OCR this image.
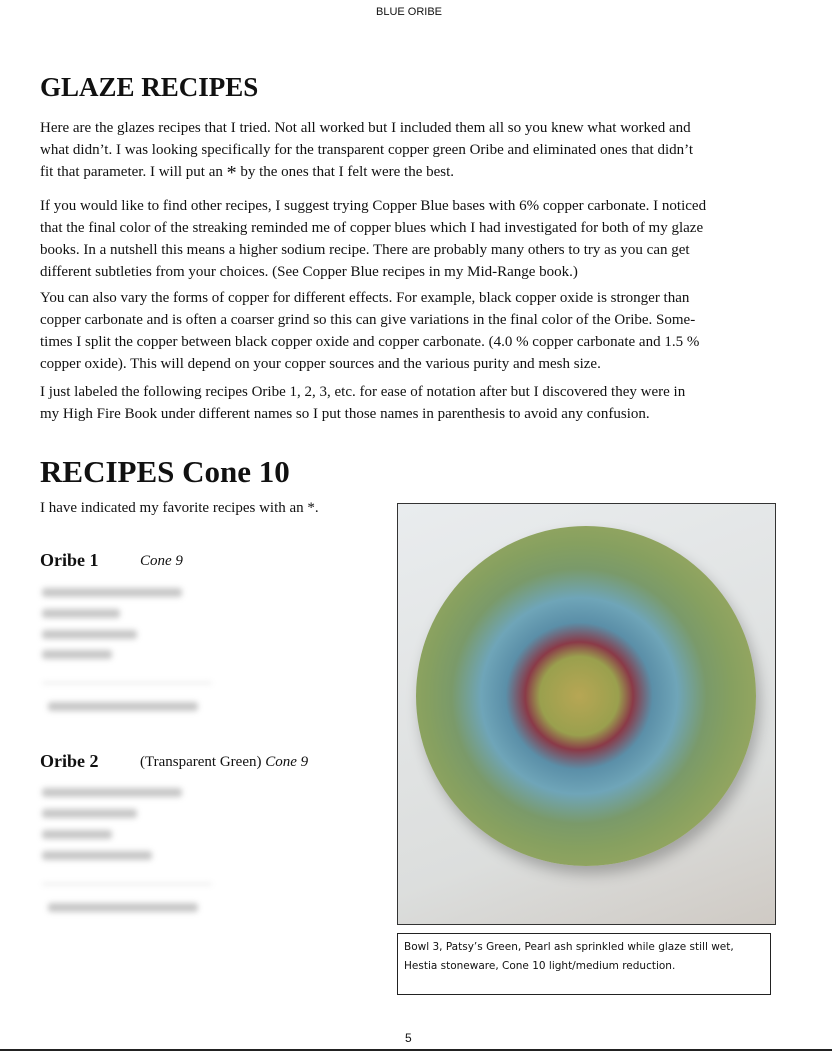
BLUE ORIBE
GLAZE RECIPES
Here are the glazes recipes that I tried. Not all worked but I included them all so you knew what worked and
what didn’t. I was looking specifically for the transparent copper green Oribe and eliminated ones that didn’t
fit that parameter. I will put an * by the ones that I felt were the best.
If you would like to find other recipes, I suggest trying Copper Blue bases with 6% copper carbonate. I noticed
that the final color of the streaking reminded me of copper blues which I had investigated for both of my glaze
books. In a nutshell this means a higher sodium recipe. There are probably many others to try as you can get
different subtleties from your choices. (See Copper Blue recipes in my Mid-Range book.)
You can also vary the forms of copper for different effects. For example, black copper oxide is stronger than
copper carbonate and is often a coarser grind so this can give variations in the final color of the Oribe. Some-
times I split the copper between black copper oxide and copper carbonate. (4.0 % copper carbonate and 1.5 %
copper oxide). This will depend on your copper sources and the various purity and mesh size.
I just labeled the following recipes Oribe 1, 2, 3, etc. for ease of notation after but I discovered they were in
my High Fire Book under different names so I put those names in parenthesis to avoid any confusion.
RECIPES Cone 10
I have indicated my favorite recipes with an *.
Oribe 1	Cone 9
Oribe 2	(Transparent Green) Cone 9
Bowl 3, Patsy’s Green, Pearl ash sprinkled while glaze still wet,
Hestia stoneware, Cone 10 light/medium reduction.
5
